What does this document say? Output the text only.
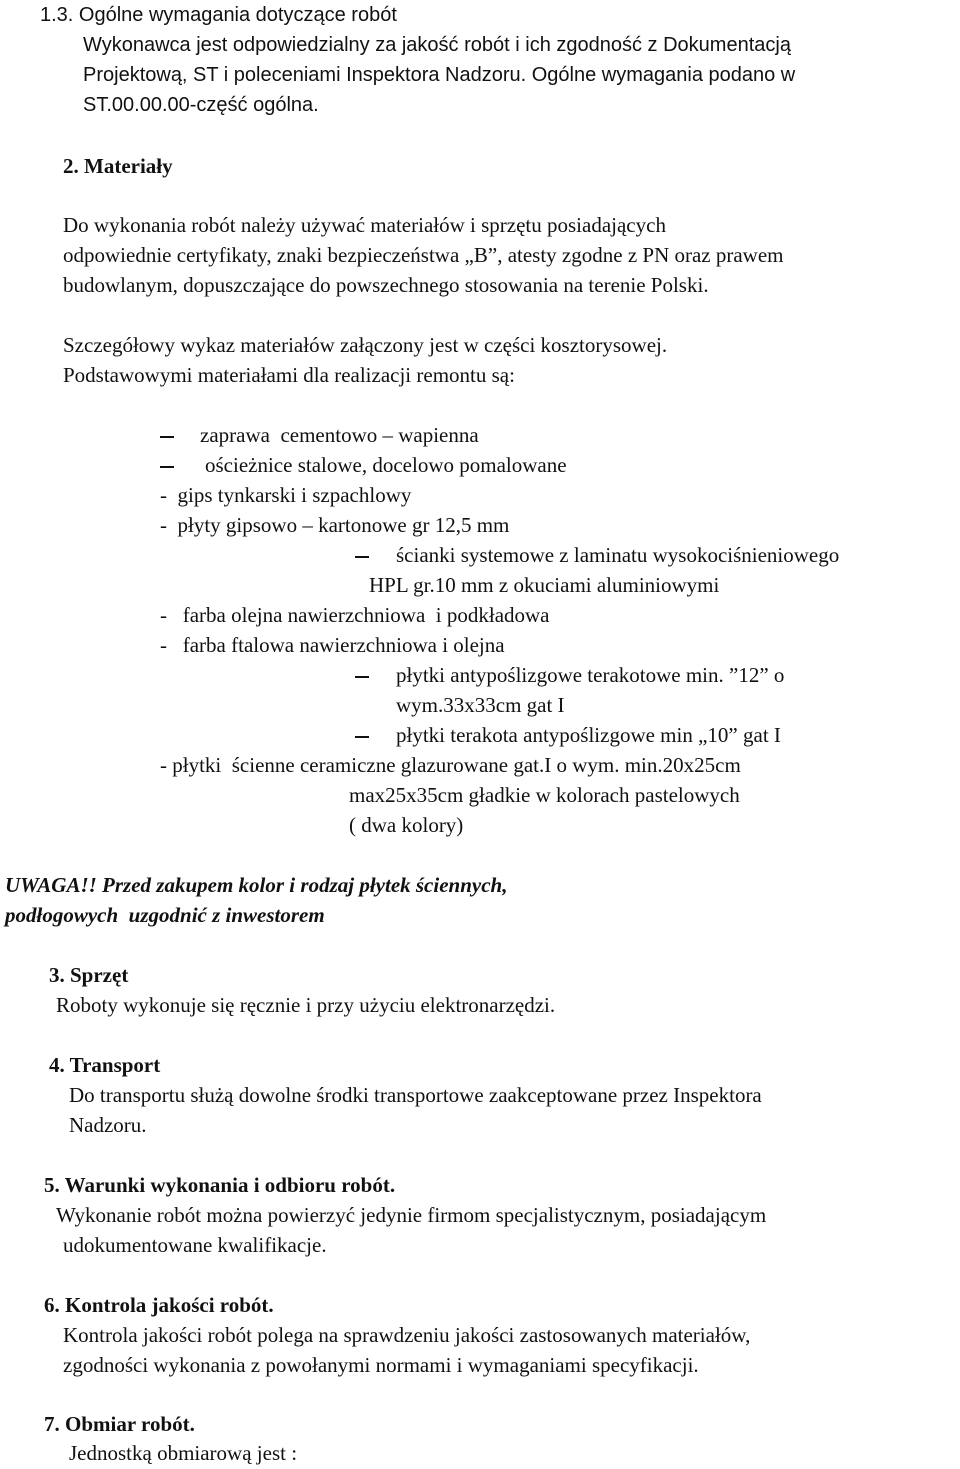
1.3. Ogólne wymagania dotyczące robót
Wykonawca jest odpowiedzialny za jakość robót i ich zgodność z Dokumentacją
Projektową, ST i poleceniami Inspektora Nadzoru. Ogólne wymagania podano w
ST.00.00.00-część ogólna.
2. Materiały
Do wykonania robót należy używać materiałów i sprzętu posiadających
odpowiednie certyfikaty, znaki bezpieczeństwa „B”, atesty zgodne z PN oraz prawem
budowlanym, dopuszczające do powszechnego stosowania na terenie Polski.
Szczegółowy wykaz materiałów załączony jest w części kosztorysowej.
Podstawowymi materiałami dla realizacji remontu są:
zaprawa  cementowo – wapienna
ościeżnice stalowe, docelowo pomalowane
-  gips tynkarski i szpachlowy
-  płyty gipsowo – kartonowe gr 12,5 mm
ścianki systemowe z laminatu wysokociśnieniowego
HPL gr.10 mm z okuciami aluminiowymi
-   farba olejna nawierzchniowa  i podkładowa
-   farba ftalowa nawierzchniowa i olejna
płytki antypoślizgowe terakotowe min. ”12” o
wym.33x33cm gat I
płytki terakota antypoślizgowe min „10” gat I
- płytki  ścienne ceramiczne glazurowane gat.I o wym. min.20x25cm
max25x35cm gładkie w kolorach pastelowych
( dwa kolory)
UWAGA!! Przed zakupem kolor i rodzaj płytek ściennych,
podłogowych  uzgodnić z inwestorem
3. Sprzęt
Roboty wykonuje się ręcznie i przy użyciu elektronarzędzi.
4. Transport
Do transportu służą dowolne środki transportowe zaakceptowane przez Inspektora
Nadzoru.
5. Warunki wykonania i odbioru robót.
Wykonanie robót można powierzyć jedynie firmom specjalistycznym, posiadającym
udokumentowane kwalifikacje.
6. Kontrola jakości robót.
Kontrola jakości robót polega na sprawdzeniu jakości zastosowanych materiałów,
zgodności wykonania z powołanymi normami i wymaganiami specyfikacji.
7. Obmiar robót.
Jednostką obmiarową jest :
